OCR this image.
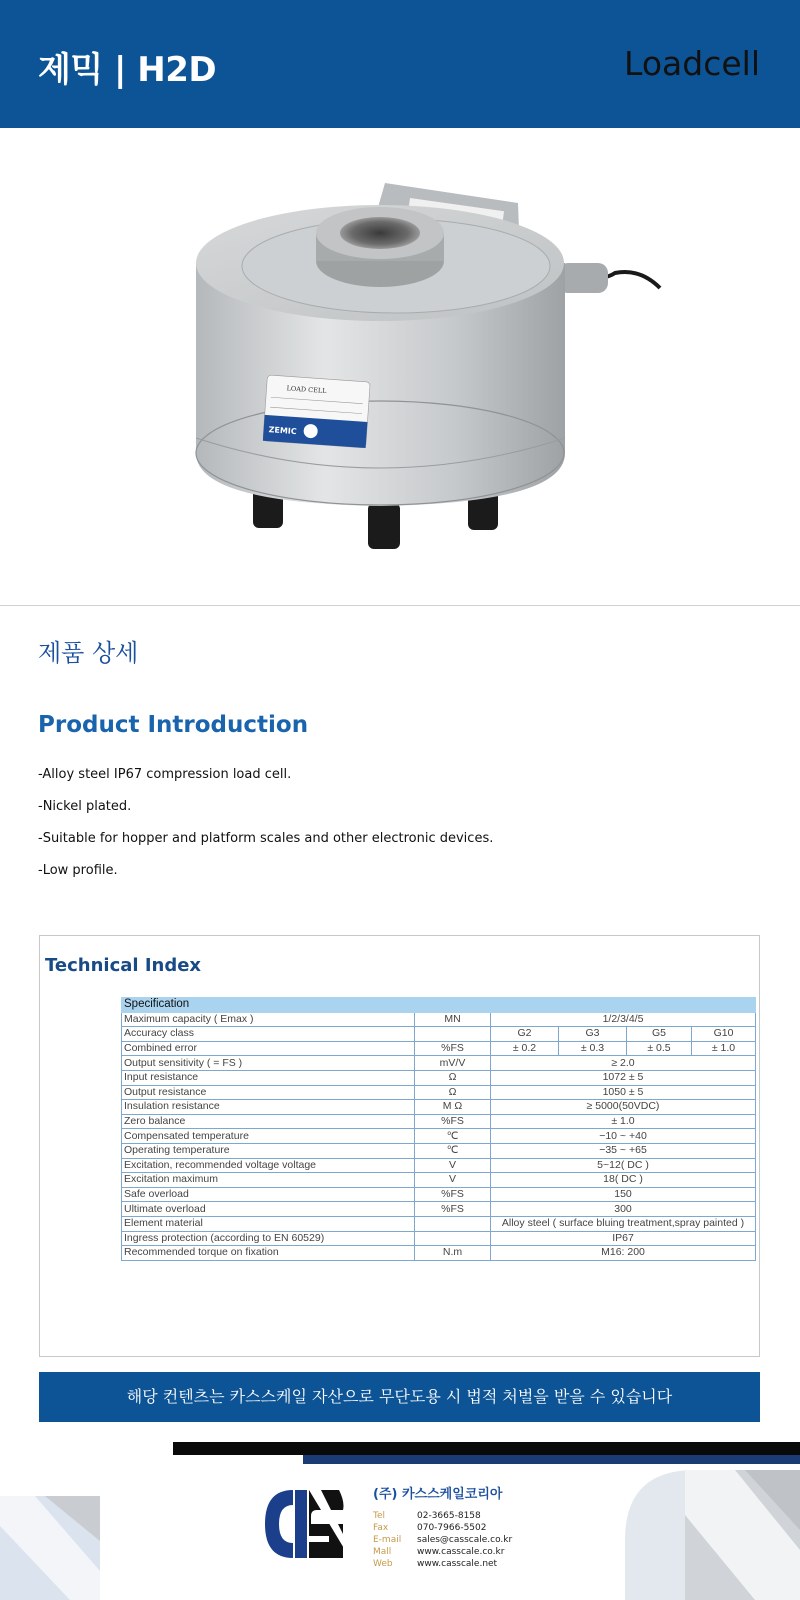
제믹 | H2D	Loadcell
LOAD CELL
ZEMIC
제품 상세
Product Introduction
-Alloy steel IP67 compression load cell.
-Nickel plated.
-Suitable for hopper and platform scales and other electronic devices.
-Low profile.
Technical Index
Specification					
Maximum capacity ( Emax )	MN	1/2/3/4/5			
Accuracy class		G2	G3	G5	G10
Combined error	%FS	± 0.2	± 0.3	± 0.5	± 1.0
Output sensitivity ( = FS )	mV/V	≥ 2.0			
Input resistance	Ω	1072 ± 5			
Output resistance	Ω	1050 ± 5			
Insulation resistance	M Ω	≥ 5000(50VDC)			
Zero balance	%FS	± 1.0			
Compensated temperature	℃	−10 ~ +40			
Operating temperature	℃	−35 ~ +65			
Excitation, recommended voltage voltage	V	5~12( DC )			
Excitation maximum	V	18( DC )			
Safe overload	%FS	150			
Ultimate overload	%FS	300			
Element material		Alloy steel ( surface bluing treatment,spray painted )			
Ingress protection (according to EN 60529)		IP67			
Recommended torque on fixation	N.m	M16: 200			
해당 컨텐츠는 카스스케일 자산으로 무단도용 시 법적 처벌을 받을 수 있습니다
(주) 카스스케일코리아
Tel	02-3665-8158
Fax	070-7966-5502
E-mail sales@casscale.co.kr
Mall	www.casscale.co.kr
Web	www.casscale.net
